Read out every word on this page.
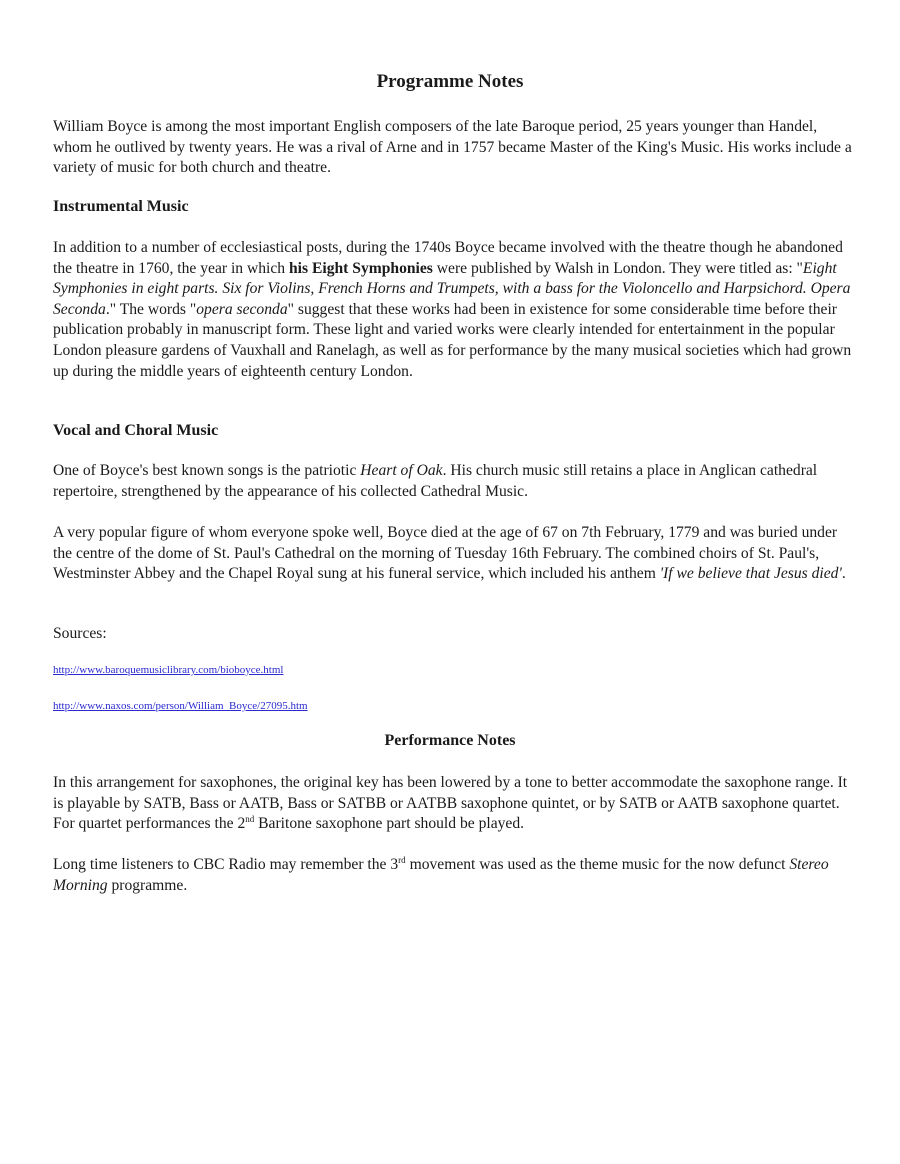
Programme Notes

William Boyce is among the most important English composers of the late Baroque period, 25 years younger than Handel, whom he outlived by twenty years. He was a rival of Arne and in 1757 became Master of the King's Music. His works include a variety of music for both church and theatre.

Instrumental Music

In addition to a number of ecclesiastical posts, during the 1740s Boyce became involved with the theatre though he abandoned the theatre in 1760, the year in which his Eight Symphonies were published by Walsh in London. They were titled as: "Eight Symphonies in eight parts. Six for Violins, French Horns and Trumpets, with a bass for the Violoncello and Harpsichord. Opera Seconda." The words "opera seconda" suggest that these works had been in existence for some considerable time before their publication probably in manuscript form. These light and varied works were clearly intended for entertainment in the popular London pleasure gardens of Vauxhall and Ranelagh, as well as for performance by the many musical societies which had grown up during the middle years of eighteenth century London.

Vocal and Choral Music

One of Boyce's best known songs is the patriotic Heart of Oak. His church music still retains a place in Anglican cathedral repertoire, strengthened by the appearance of his collected Cathedral Music.

A very popular figure of whom everyone spoke well, Boyce died at the age of 67 on 7th February, 1779 and was buried under the centre of the dome of St. Paul's Cathedral on the morning of Tuesday 16th February. The combined choirs of St. Paul's, Westminster Abbey and the Chapel Royal sung at his funeral service, which included his anthem 'If we believe that Jesus died'.

Sources:

http://www.baroquemusiclibrary.com/bioboyce.html

http://www.naxos.com/person/William_Boyce/27095.htm

Performance Notes

In this arrangement for saxophones, the original key has been lowered by a tone to better accommodate the saxophone range. It is playable by SATB, Bass or AATB, Bass or SATBB or AATBB saxophone quintet, or by SATB or AATB saxophone quartet. For quartet performances the 2nd Baritone saxophone part should be played.

Long time listeners to CBC Radio may remember the 3rd movement was used as the theme music for the now defunct Stereo Morning programme.
